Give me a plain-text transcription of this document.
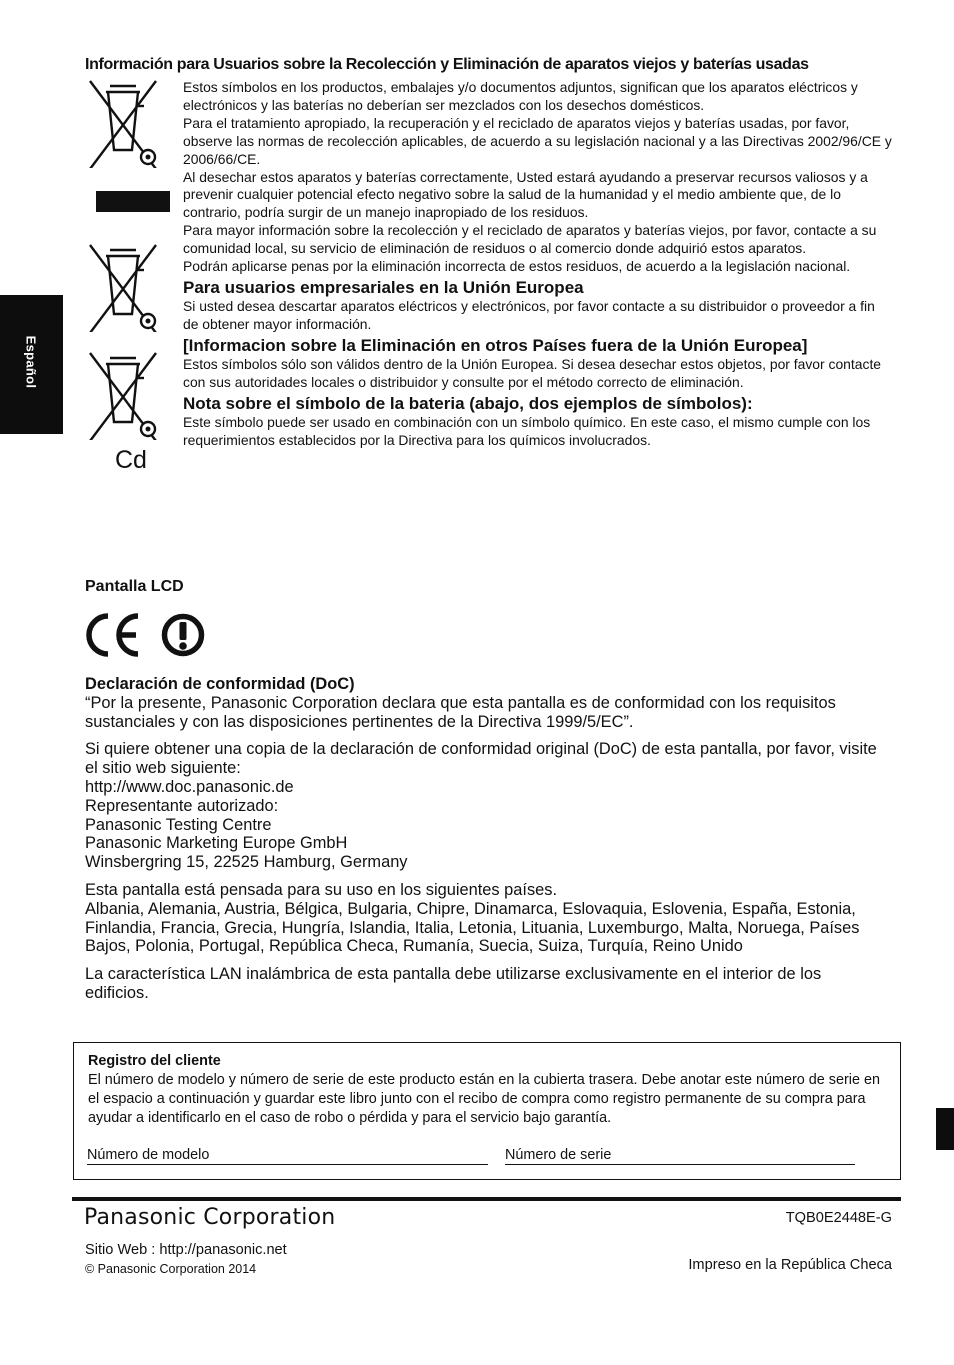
Español
Información para Usuarios sobre la Recolección y Eliminación de aparatos viejos y baterías usadas
Cd

Estos símbolos en los productos, embalajes y/o documentos adjuntos, significan que los aparatos eléctricos y electrónicos y las baterías no deberían ser mezclados con los desechos domésticos.

Para el tratamiento apropiado, la recuperación y el reciclado de aparatos viejos y baterías usadas, por favor, observe las normas de recolección aplicables, de acuerdo a su legislación nacional y a las Directivas 2002/96/CE y 2006/66/CE.

Al desechar estos aparatos y baterías correctamente, Usted estará ayudando a preservar recursos valiosos y a prevenir cualquier potencial efecto negativo sobre la salud de la humanidad y el medio ambiente que, de lo contrario, podría surgir de un manejo inapropiado de los residuos.

Para mayor información sobre la recolección y el reciclado de aparatos y baterías viejos, por favor, contacte a su comunidad local, su servicio de eliminación de residuos o al comercio donde adquirió estos aparatos.

Podrán aplicarse penas por la eliminación incorrecta de estos residuos, de acuerdo a la legislación nacional.

Para usuarios empresariales en la Unión Europea

Si usted desea descartar aparatos eléctricos y electrónicos, por favor contacte a su distribuidor o proveedor a fin de obtener mayor información.

[Informacion sobre la Eliminación en otros Países fuera de la Unión Europea]

Estos símbolos sólo son válidos dentro de la Unión Europea. Si desea desechar estos objetos, por favor contacte con sus autoridades locales o distribuidor y consulte por el método correcto de eliminación.

Nota sobre el símbolo de la bateria (abajo, dos ejemplos de símbolos):

Este símbolo puede ser usado en combinación con un símbolo químico. En este caso, el mismo cumple con los requerimientos establecidos por la Directiva para los químicos involucrados.

Pantalla LCD
Declaración de conformidad (DoC)

“Por la presente, Panasonic Corporation declara que esta pantalla es de conformidad con los requisitos sustanciales y con las disposiciones pertinentes de la Directiva 1999/5/EC”.

Si quiere obtener una copia de la declaración de conformidad original (DoC) de esta pantalla, por favor, visite el sitio web siguiente:
http://www.doc.panasonic.de
Representante autorizado:
Panasonic Testing Centre
Panasonic Marketing Europe GmbH

Winsbergring 15, 22525 Hamburg, Germany

Esta pantalla está pensada para su uso en los siguientes países.

Albania, Alemania, Austria, Bélgica, Bulgaria, Chipre, Dinamarca, Eslovaquia, Eslovenia, España, Estonia, Finlandia, Francia, Grecia, Hungría, Islandia, Italia, Letonia, Lituania, Luxemburgo, Malta, Noruega, Países Bajos, Polonia, Portugal, República Checa, Rumanía, Suecia, Suiza, Turquía, Reino Unido

La característica LAN inalámbrica de esta pantalla debe utilizarse exclusivamente en el interior de los edificios.

Registro del cliente
El número de modelo y número de serie de este producto están en la cubierta trasera. Debe anotar este número de serie en el espacio a continuación y guardar este libro junto con el recibo de compra como registro permanente de su compra para ayudar a identificarlo en el caso de robo o pérdida y para el servicio bajo garantía.
Número de modelo	Número de serie
Panasonic Corporation	TQB0E2448E-G
Sitio Web : http://panasonic.net
© Panasonic Corporation 2014	Impreso en la República Checa
